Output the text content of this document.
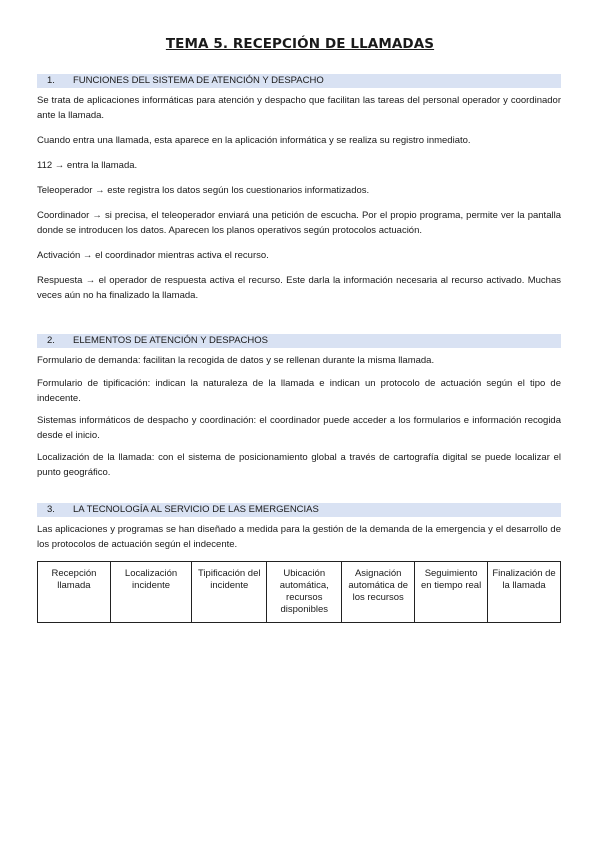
TEMA 5. RECEPCIÓN DE LLAMADAS
1. FUNCIONES DEL SISTEMA DE ATENCIÓN Y DESPACHO

Se trata de aplicaciones informáticas para atención y despacho que facilitan las tareas del personal operador y coordinador ante la llamada.

Cuando entra una llamada, esta aparece en la aplicación informática y se realiza su registro inmediato.

112 → entra la llamada.

Teleoperador → este registra los datos según los cuestionarios informatizados.

Coordinador → si precisa, el teleoperador enviará una petición de escucha. Por el propio programa, permite ver la pantalla donde se introducen los datos. Aparecen los planos operativos según protocolos actuación.

Activación → el coordinador mientras activa el recurso.

Respuesta → el operador de respuesta activa el recurso. Este darla la información necesaria al recurso activado. Muchas veces aún no ha finalizado la llamada.

2. ELEMENTOS DE ATENCIÓN Y DESPACHOS

Formulario de demanda: facilitan la recogida de datos y se rellenan durante la misma llamada.

Formulario de tipificación: indican la naturaleza de la llamada e indican un protocolo de actuación según el tipo de indecente.

Sistemas informáticos de despacho y coordinación: el coordinador puede acceder a los formularios e información recogida desde el inicio.

Localización de la llamada: con el sistema de posicionamiento global a través de cartografía digital se puede localizar el punto geográfico.

3. LA TECNOLOGÍA AL SERVICIO DE LAS EMERGENCIAS

Las aplicaciones y programas se han diseñado a medida para la gestión de la demanda de la emergencia y el desarrollo de los protocolos de actuación según el indecente.

Recepción llamada	Localización incidente	Tipificación del incidente	Ubicación automática, recursos disponibles	Asignación automática de los recursos	Seguimiento en tiempo real	Finalización de la llamada
